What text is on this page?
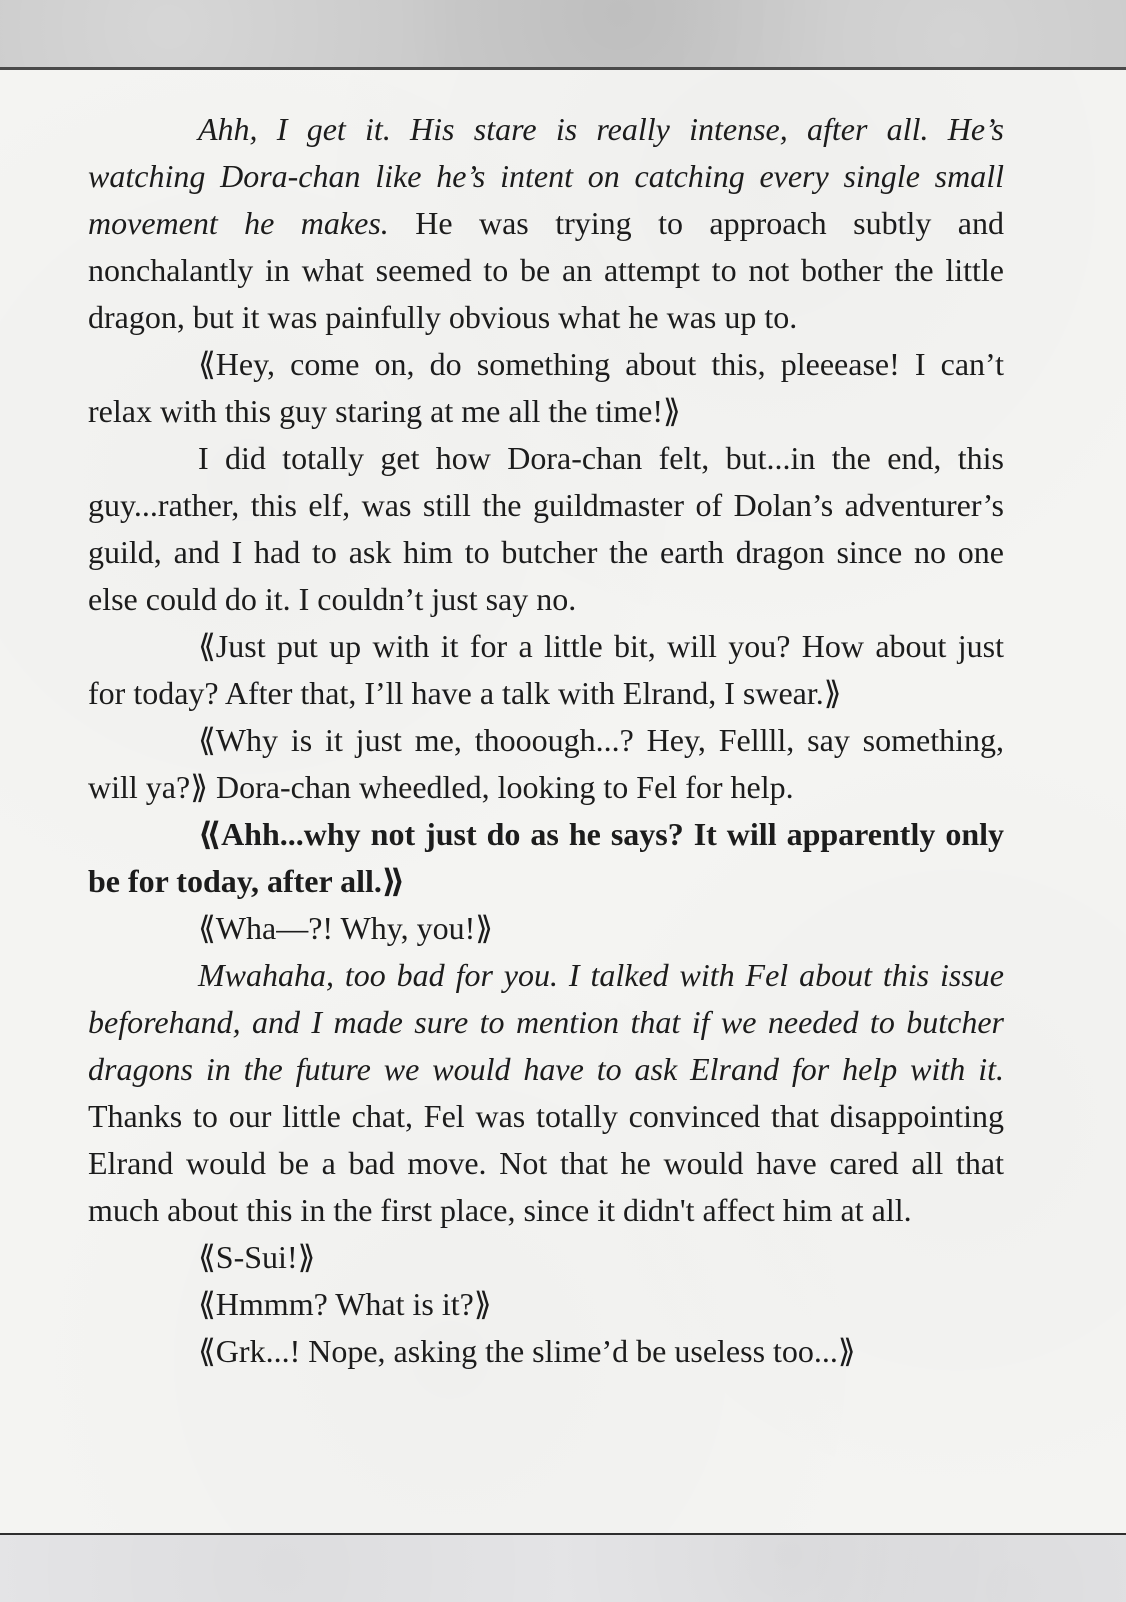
Ahh, I get it. His stare is really intense, after all. He’s watching Dora-chan like he’s intent on catching every single small movement he makes. He was trying to approach subtly and nonchalantly in what seemed to be an attempt to not bother the little dragon, but it was painfully obvious what he was up to.

⟪Hey, come on, do something about this, pleeease! I can’t relax with this guy staring at me all the time!⟫

I did totally get how Dora-chan felt, but...in the end, this guy...rather, this elf, was still the guildmaster of Dolan’s adventurer’s guild, and I had to ask him to butcher the earth dragon since no one else could do it. I couldn’t just say no.

⟪Just put up with it for a little bit, will you? How about just for today? After that, I’ll have a talk with Elrand, I swear.⟫

⟪Why is it just me, thooough...? Hey, Fellll, say something, will ya?⟫ Dora-chan wheedled, looking to Fel for help.

⟪Ahh...why not just do as he says? It will apparently only be for today, after all.⟫

⟪Wha—?! Why, you!⟫

Mwahaha, too bad for you. I talked with Fel about this issue beforehand, and I made sure to mention that if we needed to butcher dragons in the future we would have to ask Elrand for help with it. Thanks to our little chat, Fel was totally convinced that disappointing Elrand would be a bad move. Not that he would have cared all that much about this in the first place, since it didn't affect him at all.

⟪S-Sui!⟫

⟪Hmmm? What is it?⟫

⟪Grk...! Nope, asking the slime’d be useless too...⟫
